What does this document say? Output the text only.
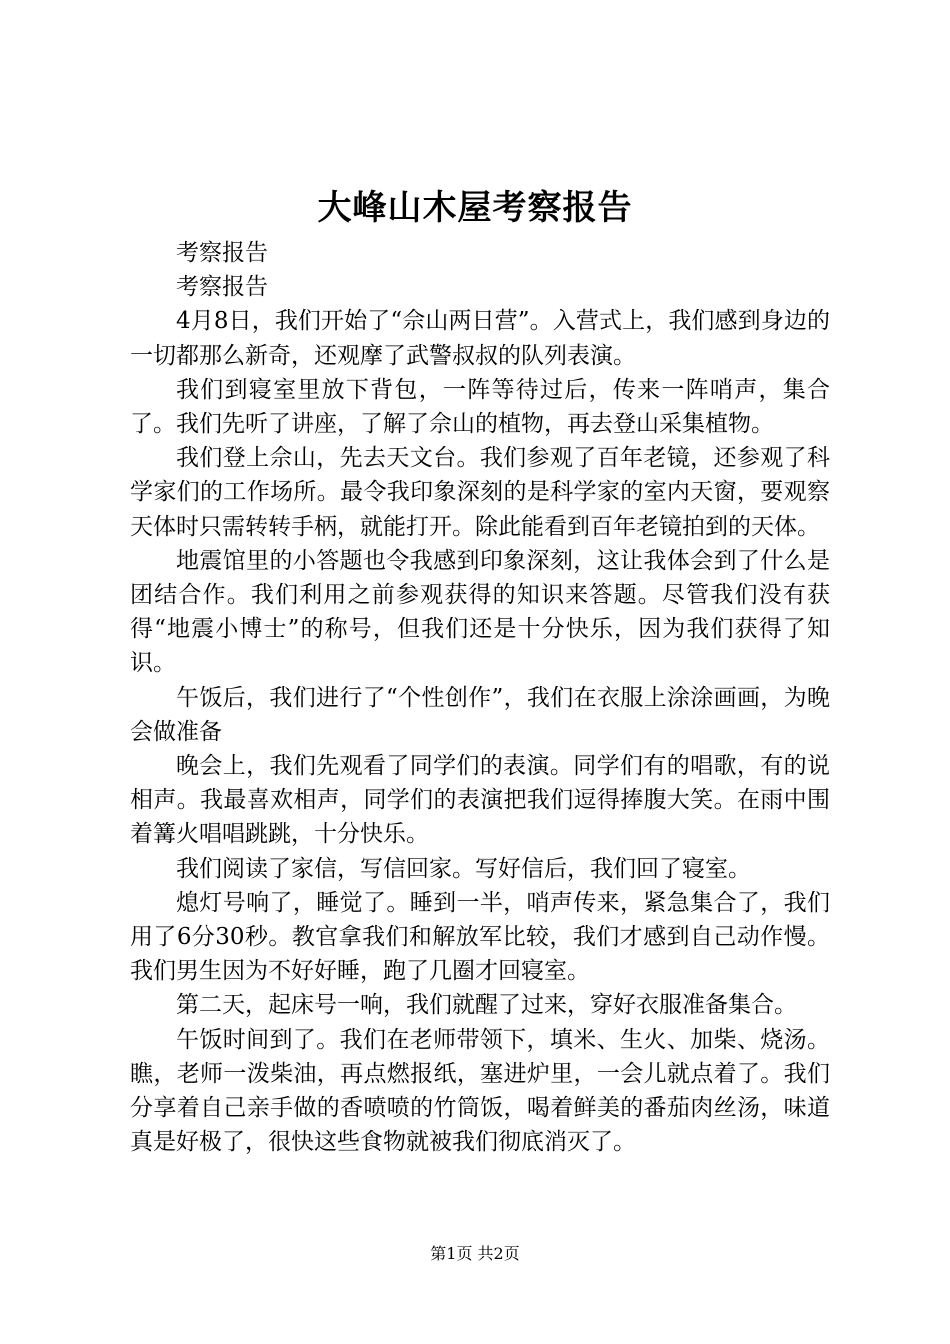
大峰山木屋考察报告

考察报告

考察报告

4月8日，我们开始了“佘山两日营”。入营式上，我们感到身边的一切都那么新奇，还观摩了武警叔叔的队列表演。

我们到寝室里放下背包，一阵等待过后，传来一阵哨声，集合了。我们先听了讲座，了解了佘山的植物，再去登山采集植物。

我们登上佘山，先去天文台。我们参观了百年老镜，还参观了科学家们的工作场所。最令我印象深刻的是科学家的室内天窗，要观察天体时只需转转手柄，就能打开。除此能看到百年老镜拍到的天体。

地震馆里的小答题也令我感到印象深刻，这让我体会到了什么是团结合作。我们利用之前参观获得的知识来答题。尽管我们没有获得“地震小博士”的称号，但我们还是十分快乐，因为我们获得了知识。

午饭后，我们进行了“个性创作”，我们在衣服上涂涂画画，为晚会做准备

晚会上，我们先观看了同学们的表演。同学们有的唱歌，有的说相声。我最喜欢相声，同学们的表演把我们逗得捧腹大笑。在雨中围着篝火唱唱跳跳，十分快乐。

我们阅读了家信，写信回家。写好信后，我们回了寝室。

熄灯号响了，睡觉了。睡到一半，哨声传来，紧急集合了，我们用了6分30秒。教官拿我们和解放军比较，我们才感到自己动作慢。我们男生因为不好好睡，跑了几圈才回寝室。

第二天，起床号一响，我们就醒了过来，穿好衣服准备集合。

午饭时间到了。我们在老师带领下，填米、生火、加柴、烧汤。瞧，老师一泼柴油，再点燃报纸，塞进炉里，一会儿就点着了。我们分享着自己亲手做的香喷喷的竹筒饭，喝着鲜美的番茄肉丝汤，味道真是好极了，很快这些食物就被我们彻底消灭了。

第1页 共2页
